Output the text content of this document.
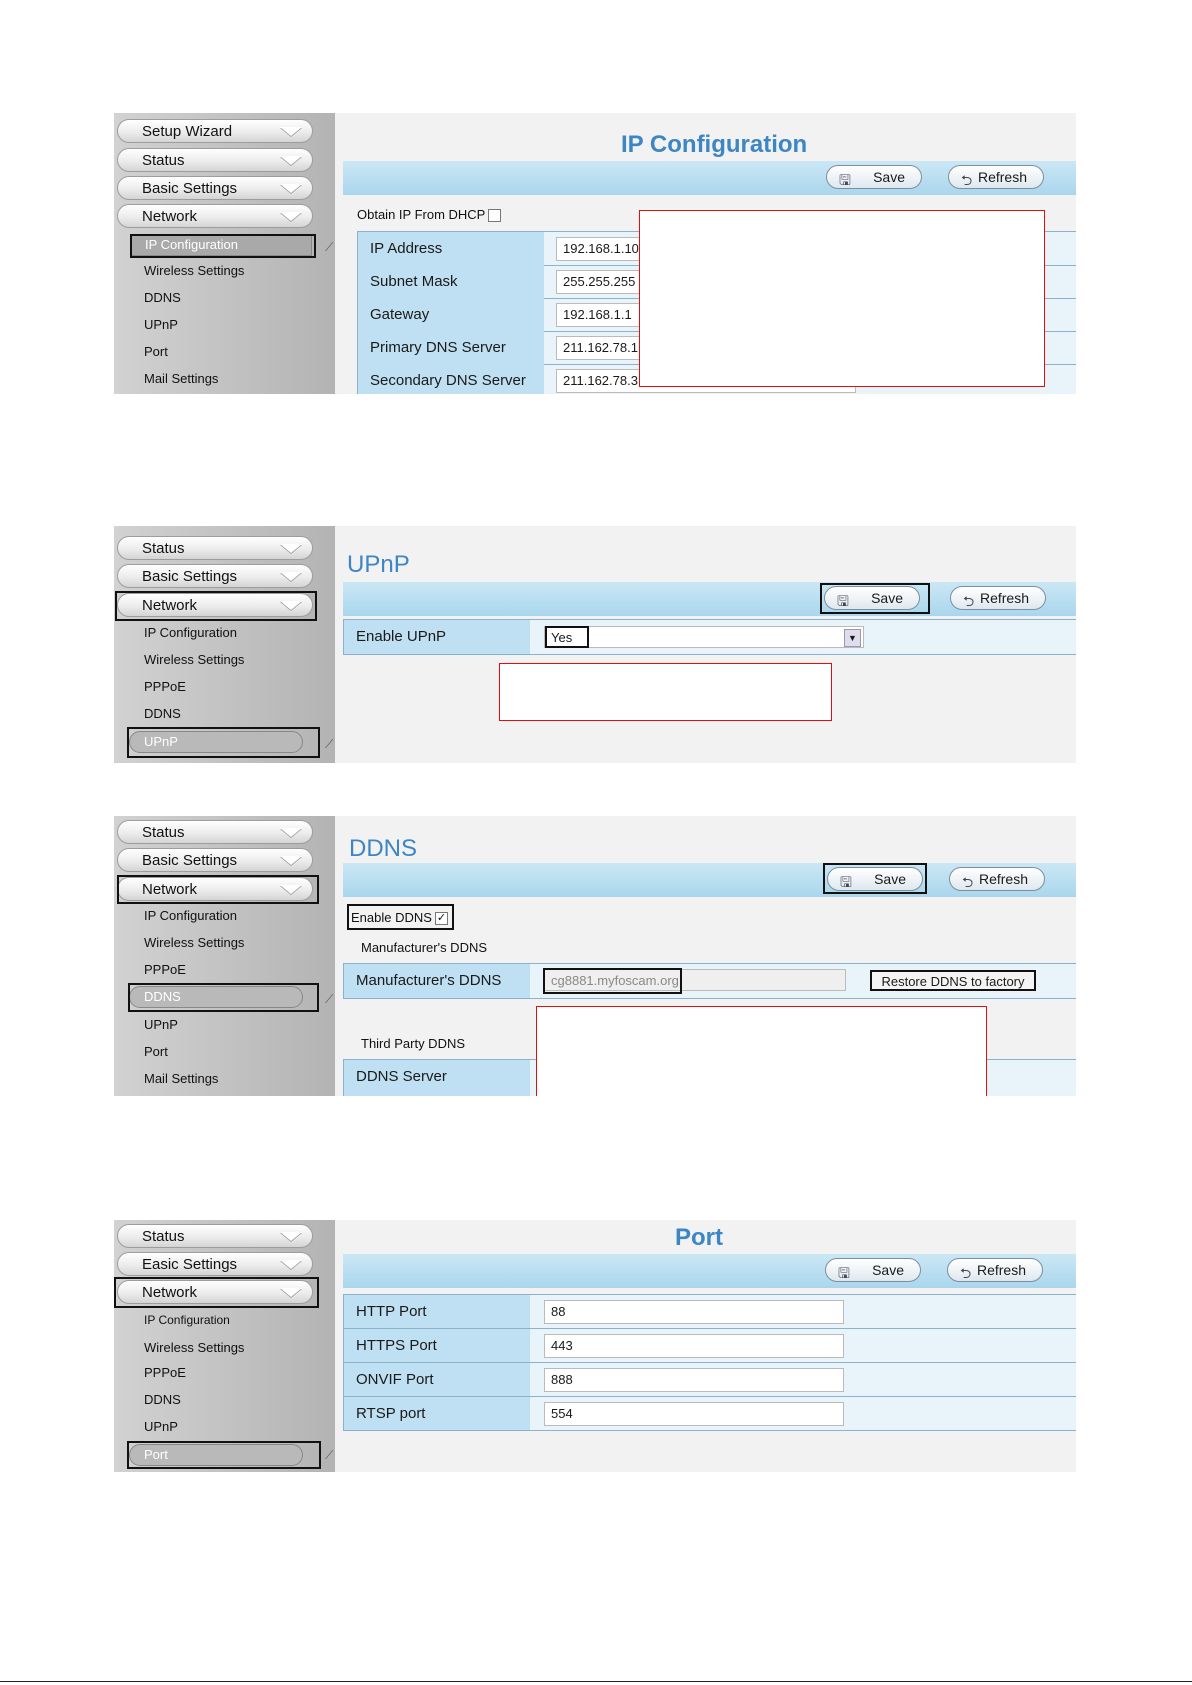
Setup Wizard
Status
Basic Settings
Network
IP Configuration
Wireless Settings
DDNS
UPnP
Port
Mail Settings
⟋
IP Configuration
🖫 Save	⮌ Refresh
Obtain IP From DHCP
IP Address	192.168.1.10
Subnet Mask	255.255.255
Gateway	192.168.1.1
Primary DNS Server	211.162.78.1
Secondary DNS Server	211.162.78.3
Status
Basic Settings
Network
IP Configuration
Wireless Settings
PPPoE
DDNS
UPnP	⟋
UPnP
🖫 Save	⮌ Refresh
Enable UPnP	Yes	▼
Status
Basic Settings
Network
IP Configuration
Wireless Settings
PPPoE
DDNS
UPnP
Port
Mail Settings
⟋
DDNS
🖫 Save	⮌ Refresh
Enable DDNS ✓
Manufacturer's DDNS
Manufacturer's DDNS	cg8881.myfoscam.org	Restore DDNS to factory
Third Party DDNS
DDNS Server
Status
Easic Settings
Network
IP Configuration
Wireless Settings
PPPoE
DDNS
UPnP
Port	⟋
Port
🖫 Save	⮌ Refresh
HTTP Port	88
HTTPS Port	443
ONVIF Port	888
RTSP port	554
